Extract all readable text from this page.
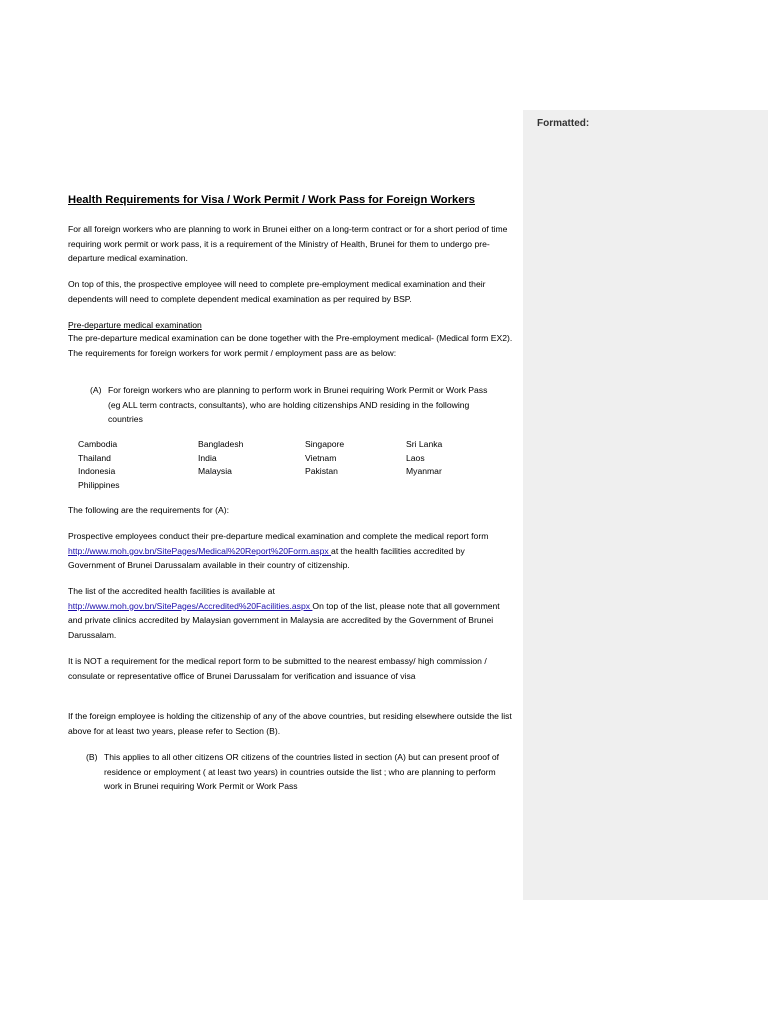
Formatted:
Health Requirements for Visa / Work Permit / Work Pass for Foreign Workers

For all foreign workers who are planning to work in Brunei either on a long-term contract or for a short period of time requiring work permit or work pass, it is a requirement of the Ministry of Health, Brunei for them to undergo pre-departure medical examination.

On top of this, the prospective employee will need to complete pre-employment medical examination and their dependents will need to complete dependent medical examination as per required by BSP.

Pre-departure medical examination

The pre-departure medical examination can be done together with the Pre-employment medical- (Medical form EX2). The requirements for foreign workers for work permit / employment pass are as below:

(A) For foreign workers who are planning to perform work in Brunei requiring Work Permit or Work Pass (eg ALL term contracts, consultants), who are holding citizenships AND residing in the following countries
Cambodia	Bangladesh	Singapore	Sri Lanka
Thailand	India	Vietnam	Laos
Indonesia	Malaysia	Pakistan	Myanmar
Philippines

The following are the requirements for (A):

Prospective employees conduct their pre-departure medical examination and complete the medical report form http://www.moh.gov.bn/SitePages/Medical%20Report%20Form.aspx at the health facilities accredited by Government of Brunei Darussalam available in their country of citizenship.

The list of the accredited health facilities is available at http://www.moh.gov.bn/SitePages/Accredited%20Facilities.aspx On top of the list, please note that all government and private clinics accredited by Malaysian government in Malaysia are accredited by the Government of Brunei Darussalam.

It is NOT a requirement for the medical report form to be submitted to the nearest embassy/ high commission / consulate or representative office of Brunei Darussalam for verification and issuance of visa

If the foreign employee is holding the citizenship of any of the above countries, but residing elsewhere outside the list above for at least two years, please refer to Section (B).

(B) This applies to all other citizens OR citizens of the countries listed in section (A) but can present proof of residence or employment ( at least two years) in countries outside the list ; who are planning to perform work in Brunei requiring Work Permit or Work Pass
